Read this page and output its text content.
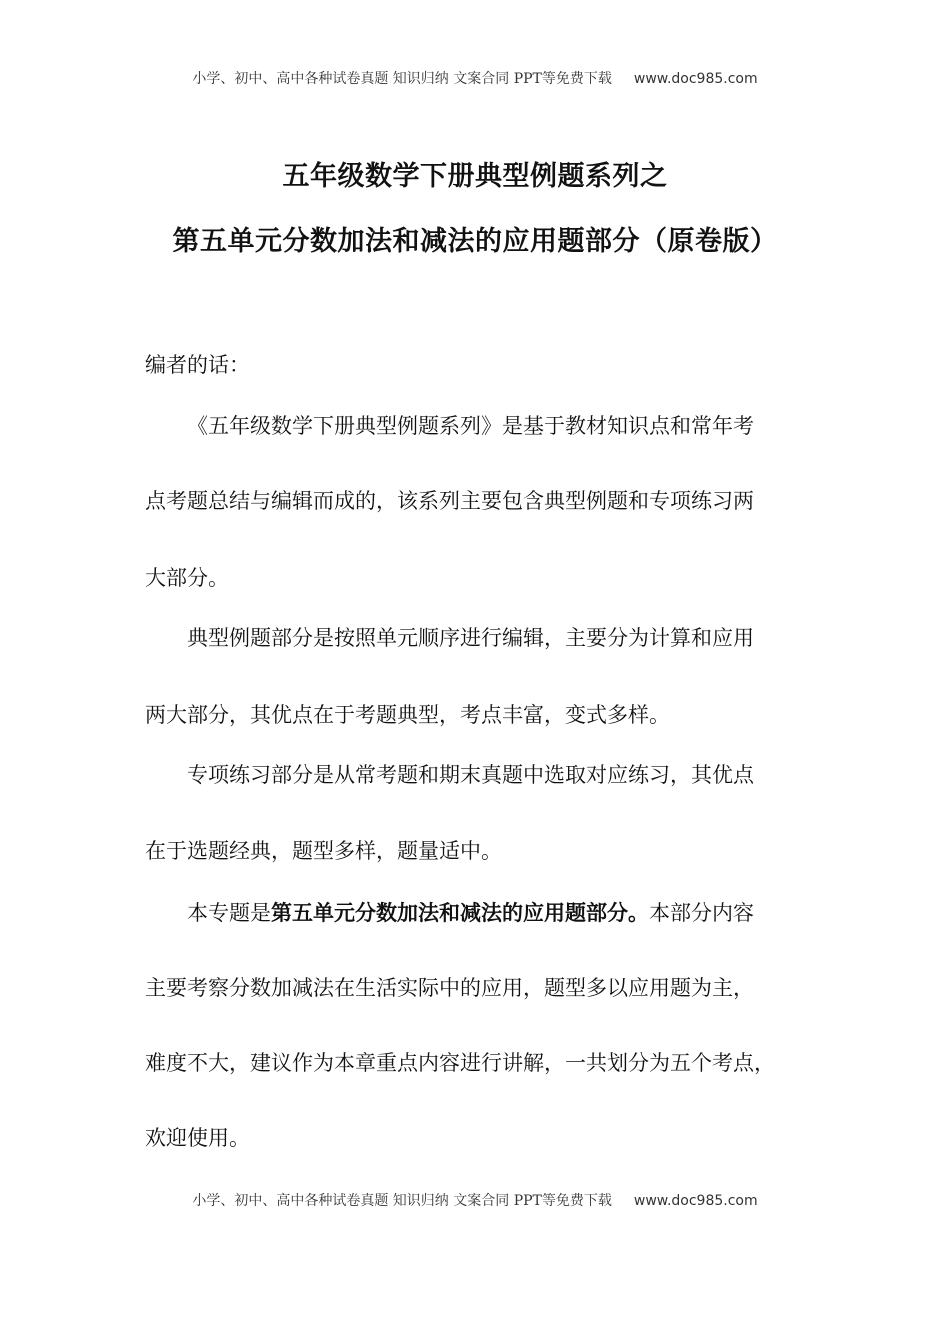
小学、初中、高中各种试卷真题 知识归纳 文案合同 PPT等免费下载 www.doc985.com
五年级数学下册典型例题系列之
第五单元分数加法和减法的应用题部分（原卷版）
编者的话：
《五年级数学下册典型例题系列》是基于教材知识点和常年考
点考题总结与编辑而成的，该系列主要包含典型例题和专项练习两
大部分。
典型例题部分是按照单元顺序进行编辑，主要分为计算和应用
两大部分，其优点在于考题典型，考点丰富，变式多样。
专项练习部分是从常考题和期末真题中选取对应练习，其优点
在于选题经典，题型多样，题量适中。
本专题是第五单元分数加法和减法的应用题部分。本部分内容
主要考察分数加减法在生活实际中的应用，题型多以应用题为主，
难度不大，建议作为本章重点内容进行讲解，一共划分为五个考点，
欢迎使用。
小学、初中、高中各种试卷真题 知识归纳 文案合同 PPT等免费下载 www.doc985.com
